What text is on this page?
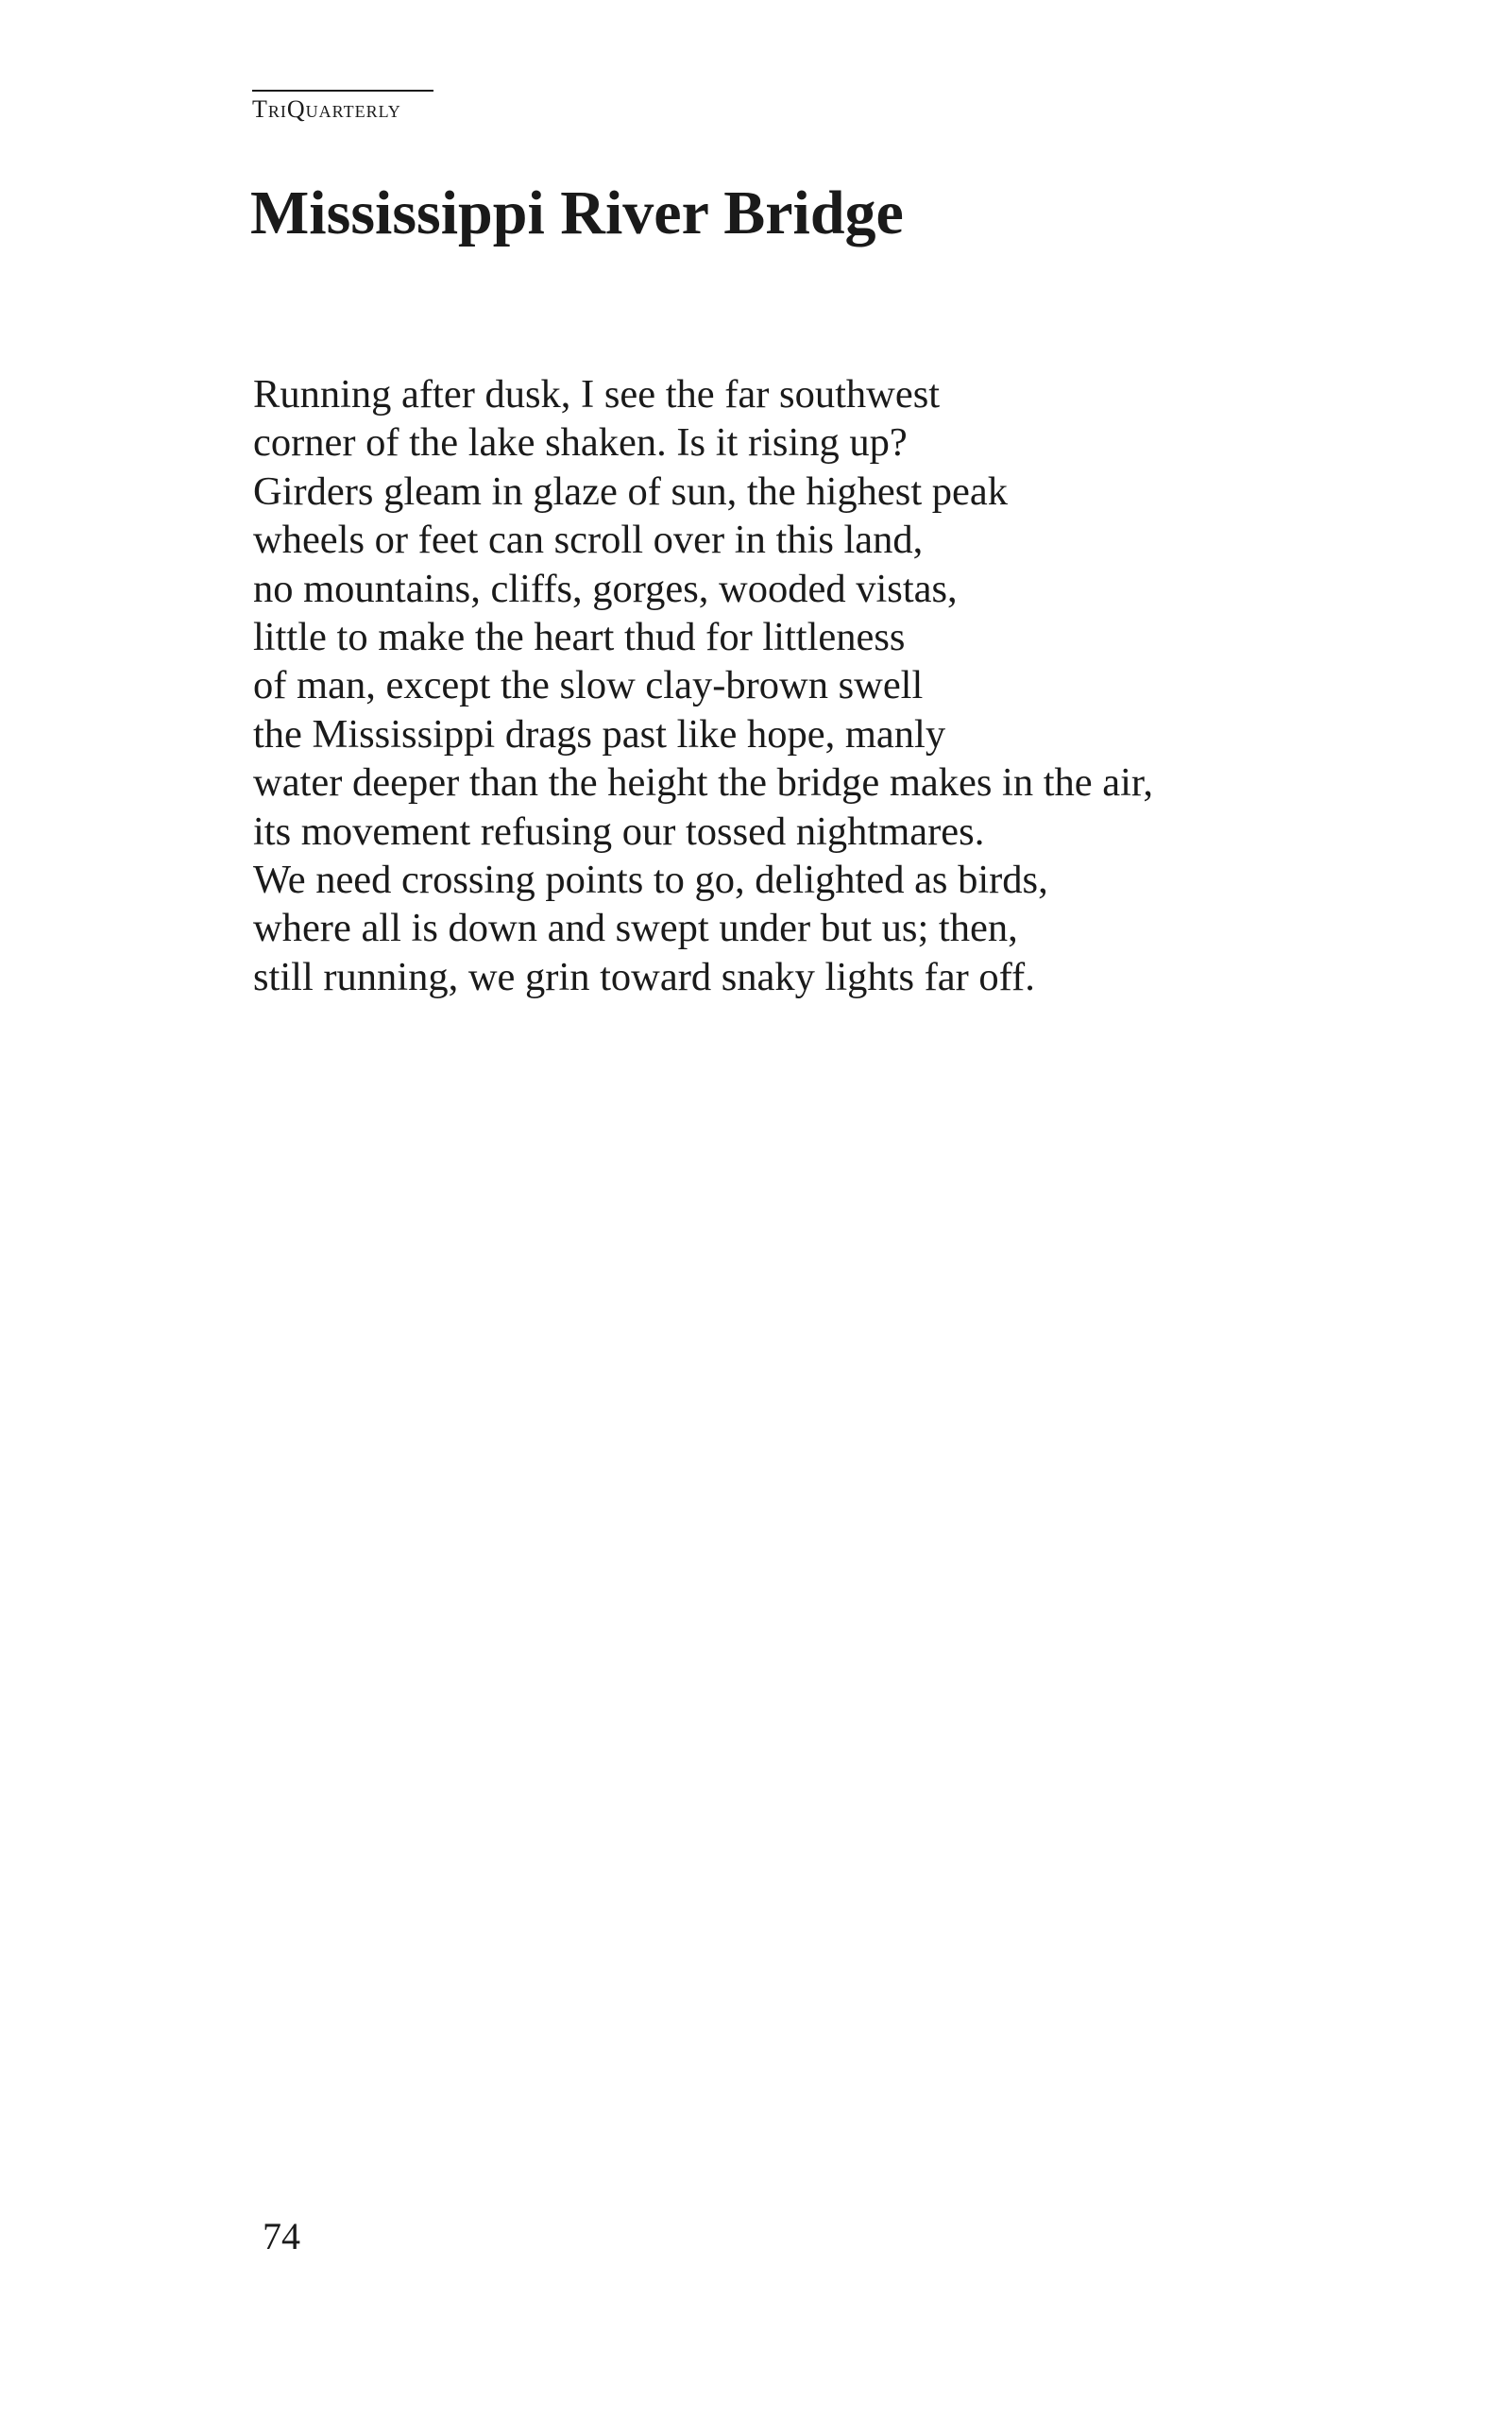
TriQuarterly
Mississippi River Bridge
Running after dusk, I see the far southwest
corner of the lake shaken. Is it rising up?
Girders gleam in glaze of sun, the highest peak
wheels or feet can scroll over in this land,
no mountains, cliffs, gorges, wooded vistas,
little to make the heart thud for littleness
of man, except the slow clay-brown swell
the Mississippi drags past like hope, manly
water deeper than the height the bridge makes in the air,
its movement refusing our tossed nightmares.
We need crossing points to go, delighted as birds,
where all is down and swept under but us; then,
still running, we grin toward snaky lights far off.
74
